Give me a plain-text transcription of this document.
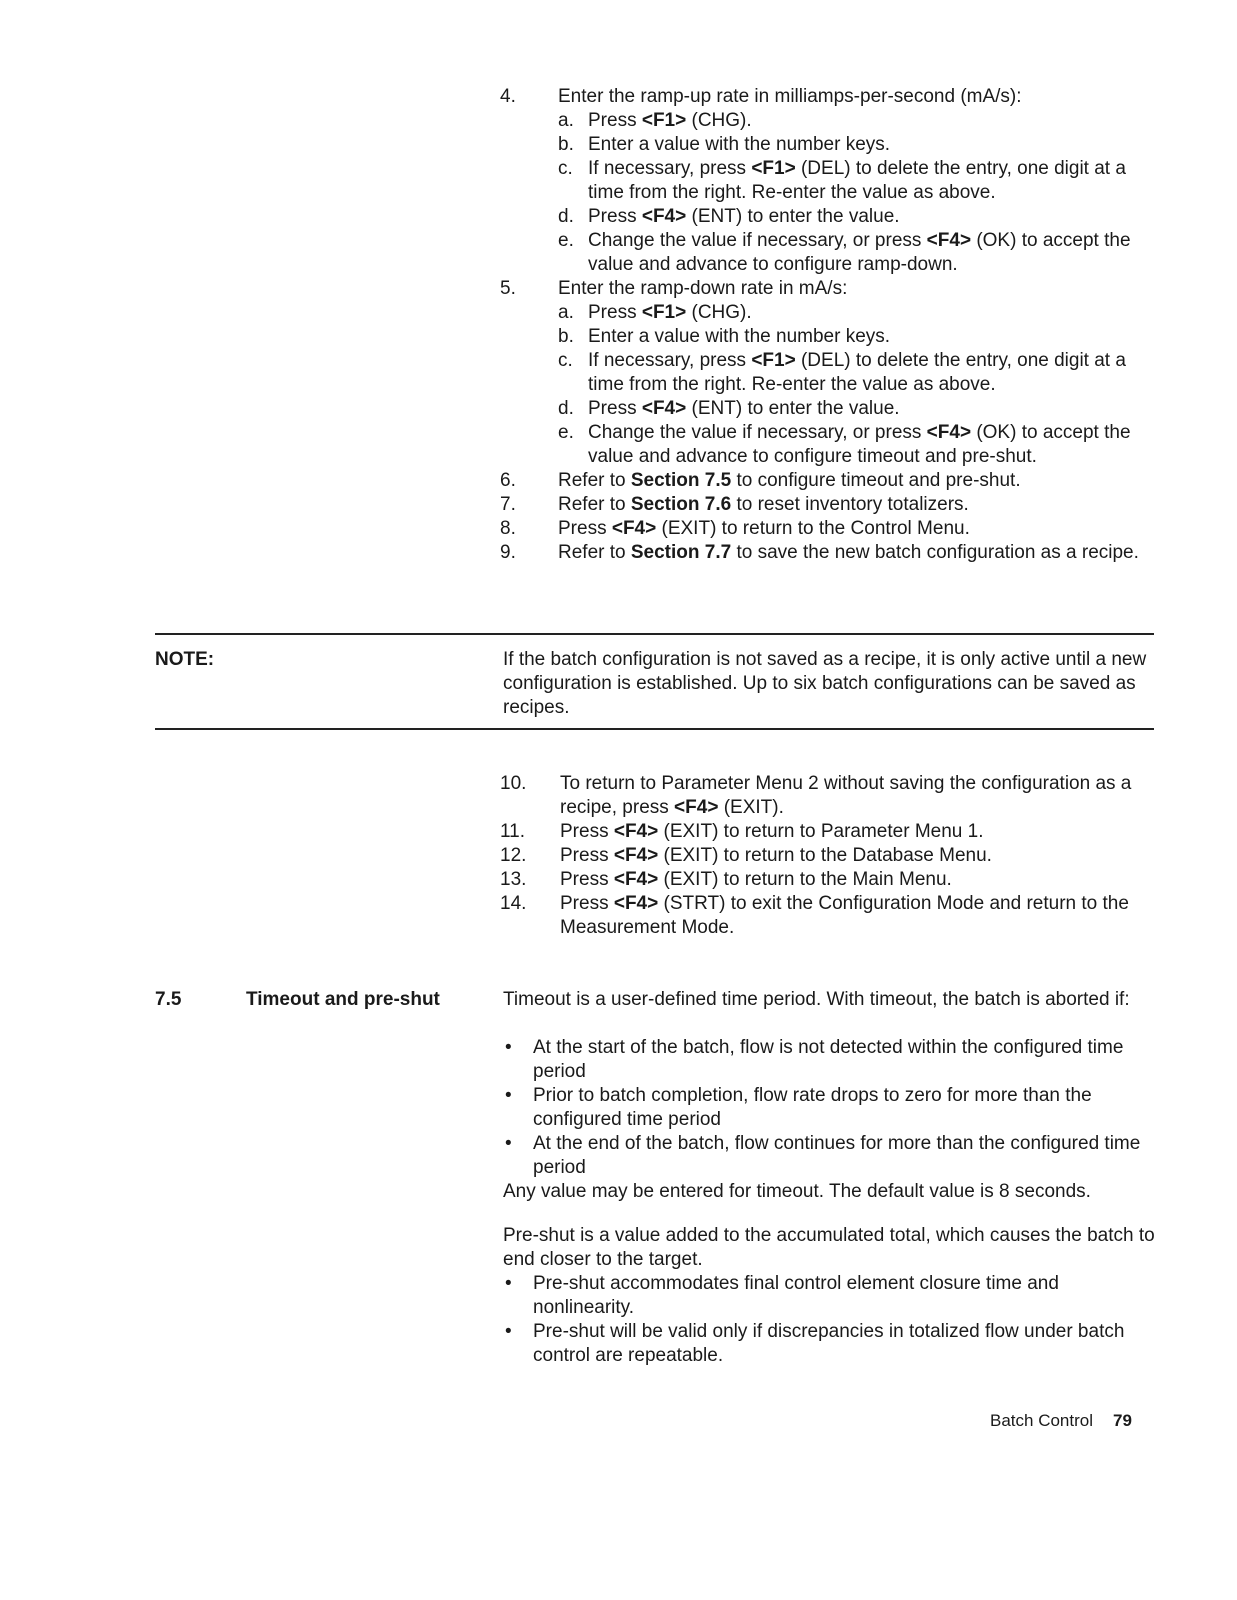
4. Enter the ramp-up rate in milliamps-per-second (mA/s):
a. Press <F1> (CHG).
b. Enter a value with the number keys.
c. If necessary, press <F1> (DEL) to delete the entry, one digit at a time from the right. Re-enter the value as above.
d. Press <F4> (ENT) to enter the value.
e. Change the value if necessary, or press <F4> (OK) to accept the value and advance to configure ramp-down.
5. Enter the ramp-down rate in mA/s:
a. Press <F1> (CHG).
b. Enter a value with the number keys.
c. If necessary, press <F1> (DEL) to delete the entry, one digit at a time from the right. Re-enter the value as above.
d. Press <F4> (ENT) to enter the value.
e. Change the value if necessary, or press <F4> (OK) to accept the value and advance to configure timeout and pre-shut.
6. Refer to Section 7.5 to configure timeout and pre-shut.
7. Refer to Section 7.6 to reset inventory totalizers.
8. Press <F4> (EXIT) to return to the Control Menu.
9. Refer to Section 7.7 to save the new batch configuration as a recipe.
NOTE:	If the batch configuration is not saved as a recipe, it is only active until a new configuration is established. Up to six batch configurations can be saved as recipes.
10. To return to Parameter Menu 2 without saving the configuration as a recipe, press <F4> (EXIT).
11. Press <F4> (EXIT) to return to Parameter Menu 1.
12. Press <F4> (EXIT) to return to the Database Menu.
13. Press <F4> (EXIT) to return to the Main Menu.
14. Press <F4> (STRT) to exit the Configuration Mode and return to the Measurement Mode.
7.5	Timeout and pre-shut	Timeout is a user-defined time period. With timeout, the batch is aborted if:
• At the start of the batch, flow is not detected within the configured time period
• Prior to batch completion, flow rate drops to zero for more than the configured time period
• At the end of the batch, flow continues for more than the configured time period
Any value may be entered for timeout. The default value is 8 seconds.
Pre-shut is a value added to the accumulated total, which causes the batch to end closer to the target.
• Pre-shut accommodates final control element closure time and nonlinearity.
• Pre-shut will be valid only if discrepancies in totalized flow under batch control are repeatable.
Batch Control 79
